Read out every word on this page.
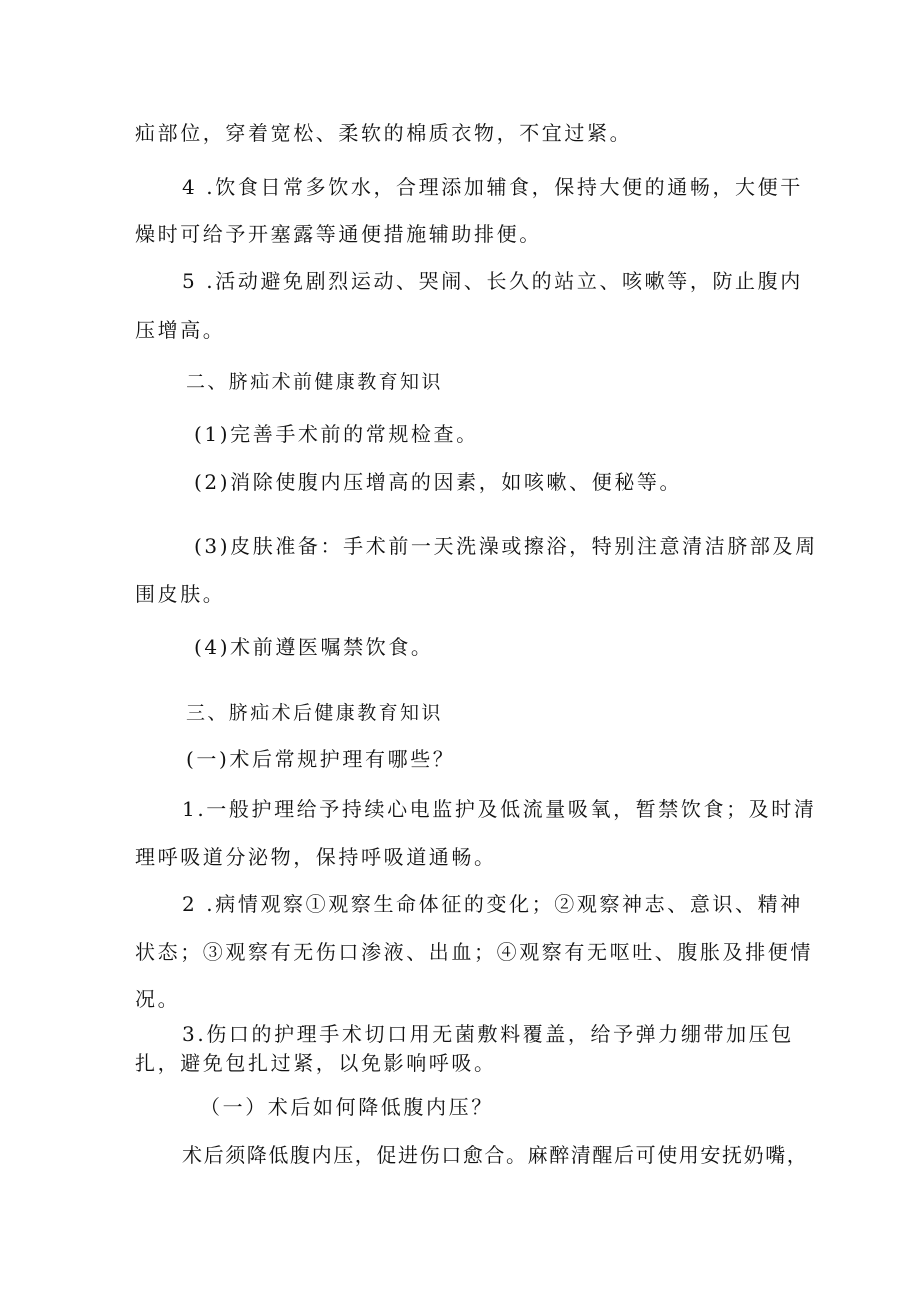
疝部位，穿着宽松、柔软的棉质衣物，不宜过紧。
4 .饮食日常多饮水，合理添加辅食，保持大便的通畅，大便干
燥时可给予开塞露等通便措施辅助排便。
5 .活动避免剧烈运动、哭闹、长久的站立、咳嗽等，防止腹内
压增高。
二、脐疝术前健康教育知识
(1)完善手术前的常规检查。
(2)消除使腹内压增高的因素，如咳嗽、便秘等。
(3)皮肤准备：手术前一天洗澡或擦浴，特别注意清洁脐部及周
围皮肤。
(4)术前遵医嘱禁饮食。
三、脐疝术后健康教育知识
(一)术后常规护理有哪些？
1.一般护理给予持续心电监护及低流量吸氧，暂禁饮食；及时清
理呼吸道分泌物，保持呼吸道通畅。
2 .病情观察①观察生命体征的变化；②观察神志、意识、精神
状态；③观察有无伤口渗液、出血；④观察有无呕吐、腹胀及排便情
况。
3.伤口的护理手术切口用无菌敷料覆盖，给予弹力绷带加压包
扎，避免包扎过紧，以免影响呼吸。
（一）术后如何降低腹内压？
术后须降低腹内压，促进伤口愈合。麻醉清醒后可使用安抚奶嘴，
